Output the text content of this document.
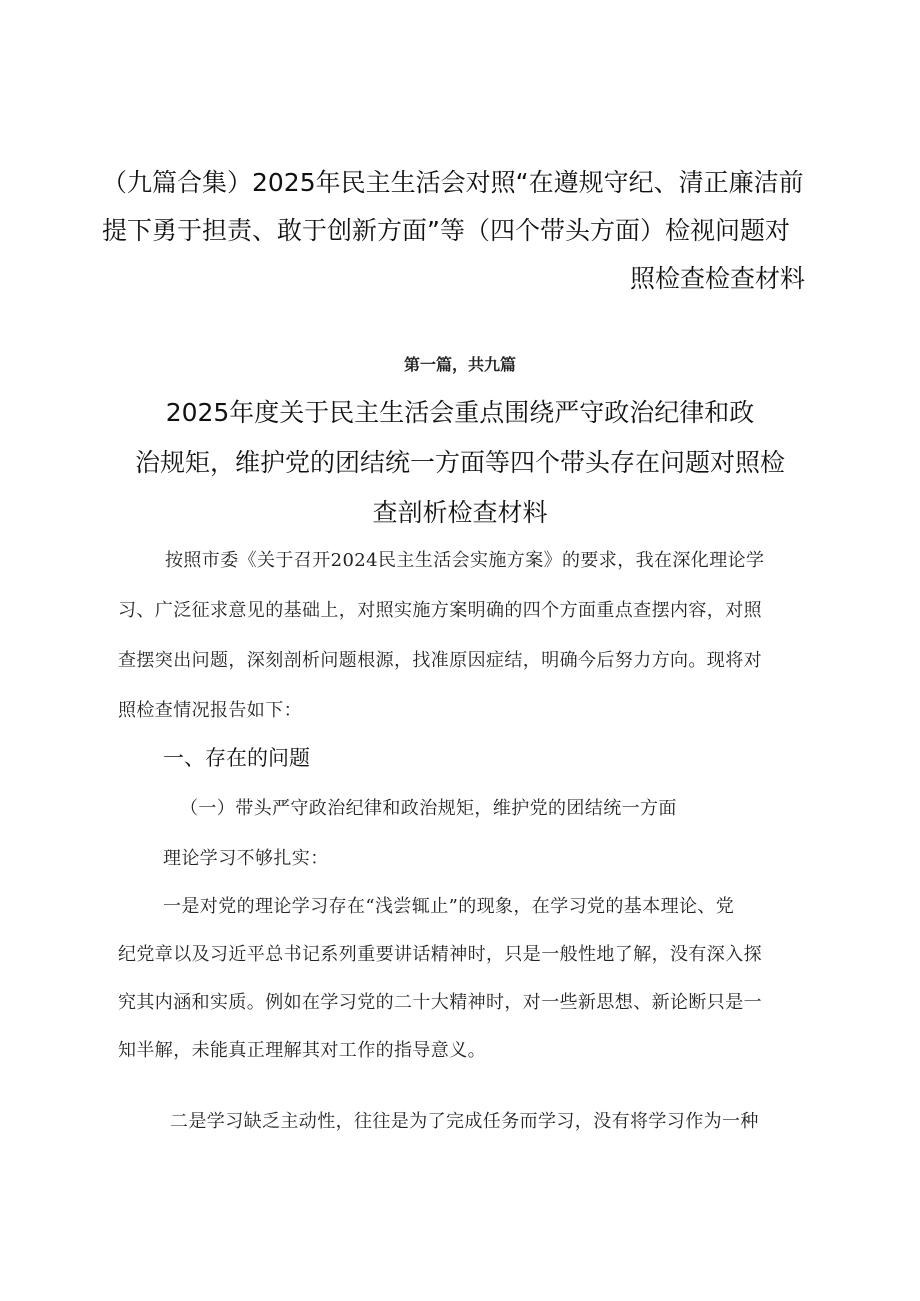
（九篇合集）2025年民主生活会对照“在遵规守纪、清正廉洁前
提下勇于担责、敢于创新方面”等（四个带头方面）检视问题对
照检查检查材料
第一篇，共九篇
2025年度关于民主生活会重点围绕严守政治纪律和政
治规矩，维护党的团结统一方面等四个带头存在问题对照检
查剖析检查材料
按照市委《关于召开2024民主生活会实施方案》的要求，我在深化理论学
习、广泛征求意见的基础上，对照实施方案明确的四个方面重点查摆内容，对照
查摆突出问题，深刻剖析问题根源，找准原因症结，明确今后努力方向。现将对
照检查情况报告如下：
一、存在的问题
（一）带头严守政治纪律和政治规矩，维护党的团结统一方面
理论学习不够扎实：
一是对党的理论学习存在“浅尝辄止”的现象，在学习党的基本理论、党
纪党章以及习近平总书记系列重要讲话精神时，只是一般性地了解，没有深入探
究其内涵和实质。例如在学习党的二十大精神时，对一些新思想、新论断只是一
知半解，未能真正理解其对工作的指导意义。
二是学习缺乏主动性，往往是为了完成任务而学习，没有将学习作为一种
